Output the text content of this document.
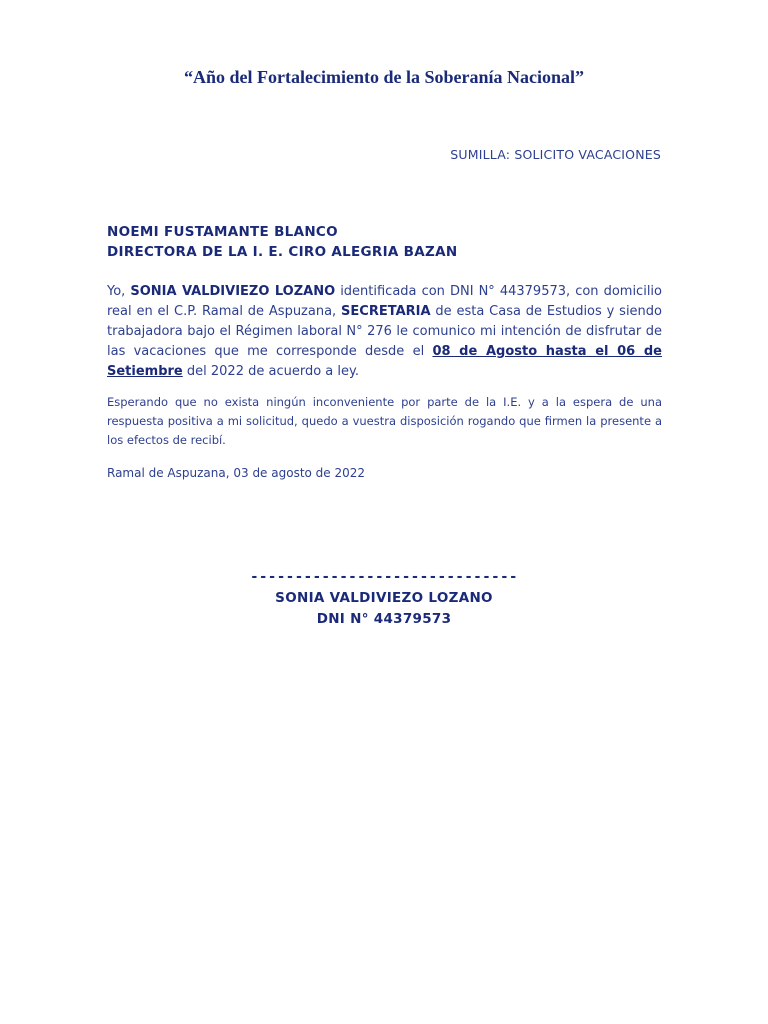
“Año del Fortalecimiento de la Soberanía Nacional”
SUMILLA: SOLICITO VACACIONES
NOEMI FUSTAMANTE BLANCO
DIRECTORA DE LA I. E. CIRO ALEGRIA BAZAN
Yo, SONIA VALDIVIEZO LOZANO identificada con DNI N° 44379573, con domicilio real en el C.P. Ramal de Aspuzana, SECRETARIA de esta Casa de Estudios y siendo trabajadora bajo el Régimen laboral N° 276 le comunico mi intención de disfrutar de las vacaciones que me corresponde desde el 08 de Agosto hasta el 06 de Setiembre del 2022 de acuerdo a ley.
Esperando que no exista ningún inconveniente por parte de la I.E. y a la espera de una respuesta positiva a mi solicitud, quedo a vuestra disposición rogando que firmen la presente a los efectos de recibí.
Ramal de Aspuzana, 03 de agosto de 2022
------------------------------
SONIA VALDIVIEZO LOZANO
DNI N° 44379573
